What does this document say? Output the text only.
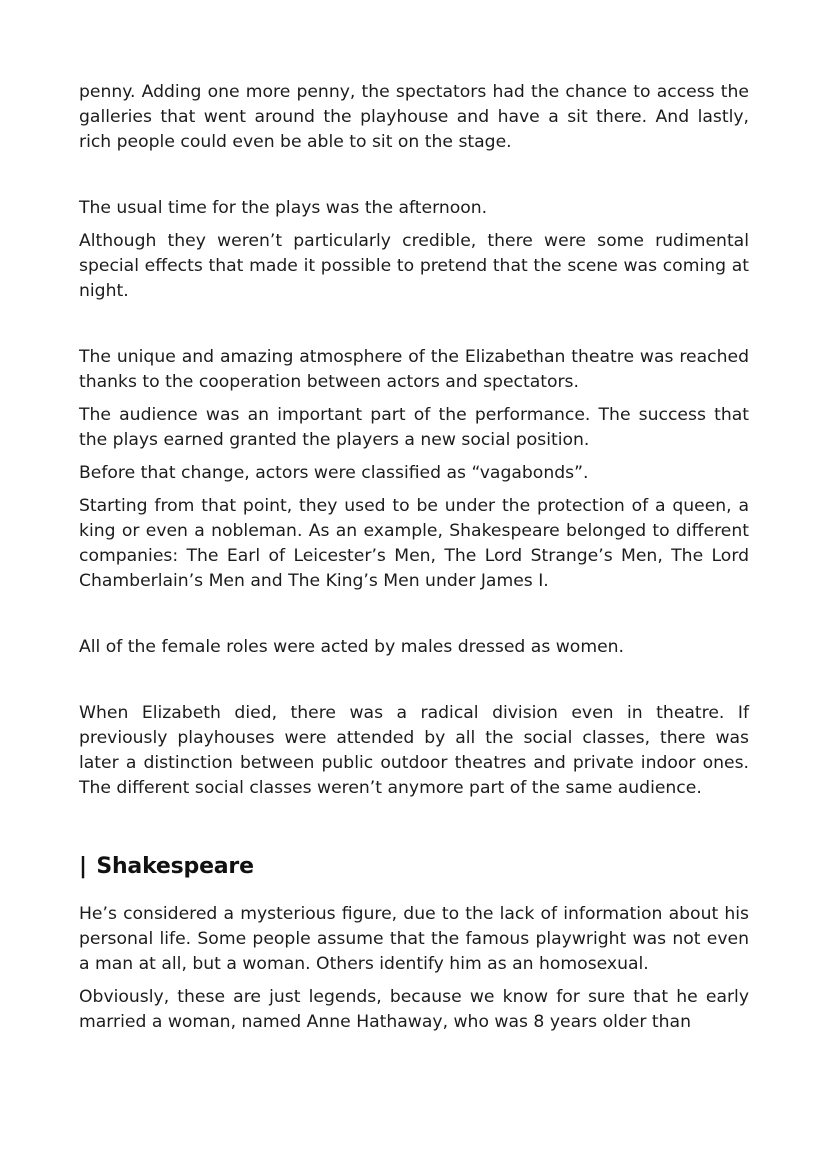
penny. Adding one more penny, the spectators had the chance to access the galleries that went around the playhouse and have a sit there. And lastly, rich people could even be able to sit on the stage.

The usual time for the plays was the afternoon.

Although they weren’t particularly credible, there were some rudimental special effects that made it possible to pretend that the scene was coming at night.

The unique and amazing atmosphere of the Elizabethan theatre was reached thanks to the cooperation between actors and spectators.

The audience was an important part of the performance. The success that the plays earned granted the players a new social position.

Before that change, actors were classified as “vagabonds”.

Starting from that point, they used to be under the protection of a queen, a king or even a nobleman. As an example, Shakespeare belonged to different companies: The Earl of Leicester’s Men, The Lord Strange’s Men, The Lord Chamberlain’s Men and The King’s Men under James I.

All of the female roles were acted by males dressed as women.

When Elizabeth died, there was a radical division even in theatre. If previously playhouses were attended by all the social classes, there was later a distinction between public outdoor theatres and private indoor ones. The different social classes weren’t anymore part of the same audience.

| Shakespeare

He’s considered a mysterious figure, due to the lack of information about his personal life. Some people assume that the famous playwright was not even a man at all, but a woman. Others identify him as an homosexual.

Obviously, these are just legends, because we know for sure that he early married a woman, named Anne Hathaway, who was 8 years older than
